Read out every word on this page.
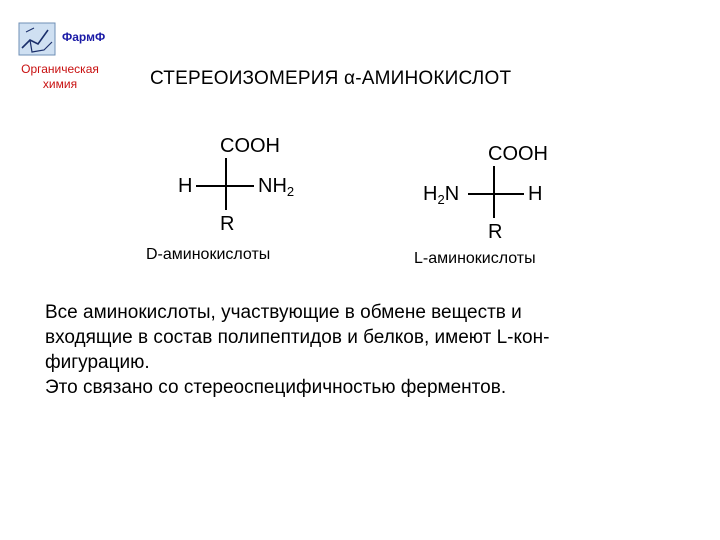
ФармФ
Органическая
химия	СТЕРЕОИЗОМЕРИЯ α-АМИНОКИСЛОТ
COOH
H	$NH_2$
R
D-аминокислоты
COOH
$H_2N$	H
R
L-аминокислоты

Все аминокислоты, участвующие в обмене веществ и

входящие в состав полипептидов и белков, имеют L-кон-

фигурацию.

Это связано со стереоспецифичностью ферментов.
